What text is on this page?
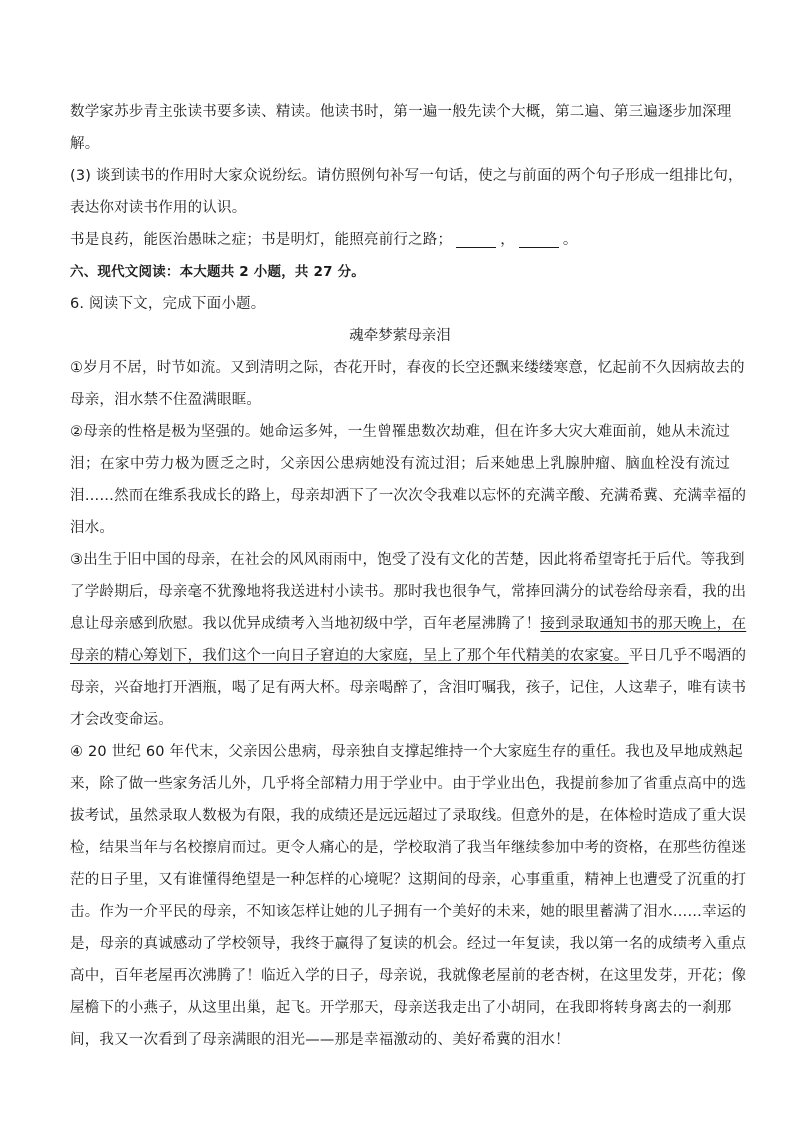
数学家苏步青主张读书要多读、精读。他读书时，第一遍一般先读个大概，第二遍、第三遍逐步加深理
解。
(3) 谈到读书的作用时大家众说纷纭。请仿照例句补写一句话，使之与前面的两个句子形成一组排比句，
表达你对读书作用的认识。
书是良药，能医治愚昧之症；书是明灯，能照亮前行之路；	，	。
六、现代文阅读：本大题共 2 小题，共 27 分。
6. 阅读下文，完成下面小题。
魂牵梦萦母亲泪
①岁月不居，时节如流。又到清明之际，杏花开时，春夜的长空还飘来缕缕寒意，忆起前不久因病故去的
母亲，泪水禁不住盈满眼眶。
②母亲的性格是极为坚强的。她命运多舛，一生曾罹患数次劫难，但在许多大灾大难面前，她从未流过
泪；在家中劳力极为匮乏之时，父亲因公患病她没有流过泪；后来她患上乳腺肿瘤、脑血栓没有流过
泪……然而在维系我成长的路上，母亲却洒下了一次次令我难以忘怀的充满辛酸、充满希冀、充满幸福的
泪水。
③出生于旧中国的母亲，在社会的风风雨雨中，饱受了没有文化的苦楚，因此将希望寄托于后代。等我到
了学龄期后，母亲毫不犹豫地将我送进村小读书。那时我也很争气，常捧回满分的试卷给母亲看，我的出
息让母亲感到欣慰。我以优异成绩考入当地初级中学，百年老屋沸腾了！接到录取通知书的那天晚上，在
母亲的精心筹划下，我们这个一向日子窘迫的大家庭，呈上了那个年代精美的农家宴。平日几乎不喝酒的
母亲，兴奋地打开酒瓶，喝了足有两大杯。母亲喝醉了，含泪叮嘱我，孩子，记住，人这辈子，唯有读书
才会改变命运。
④ 20 世纪 60 年代末，父亲因公患病，母亲独自支撑起维持一个大家庭生存的重任。我也及早地成熟起
来，除了做一些家务活儿外，几乎将全部精力用于学业中。由于学业出色，我提前参加了省重点高中的选
拔考试，虽然录取人数极为有限，我的成绩还是远远超过了录取线。但意外的是，在体检时造成了重大误
检，结果当年与名校擦肩而过。更令人痛心的是，学校取消了我当年继续参加中考的资格，在那些彷徨迷
茫的日子里，又有谁懂得绝望是一种怎样的心境呢？这期间的母亲，心事重重，精神上也遭受了沉重的打
击。作为一介平民的母亲，不知该怎样让她的儿子拥有一个美好的未来，她的眼里蓄满了泪水……幸运的
是，母亲的真诚感动了学校领导，我终于赢得了复读的机会。经过一年复读，我以第一名的成绩考入重点
高中，百年老屋再次沸腾了！临近入学的日子，母亲说，我就像老屋前的老杏树，在这里发芽，开花；像
屋檐下的小燕子，从这里出巢，起飞。开学那天，母亲送我走出了小胡同，在我即将转身离去的一刹那
间，我又一次看到了母亲满眼的泪光——那是幸福激动的、美好希冀的泪水！
